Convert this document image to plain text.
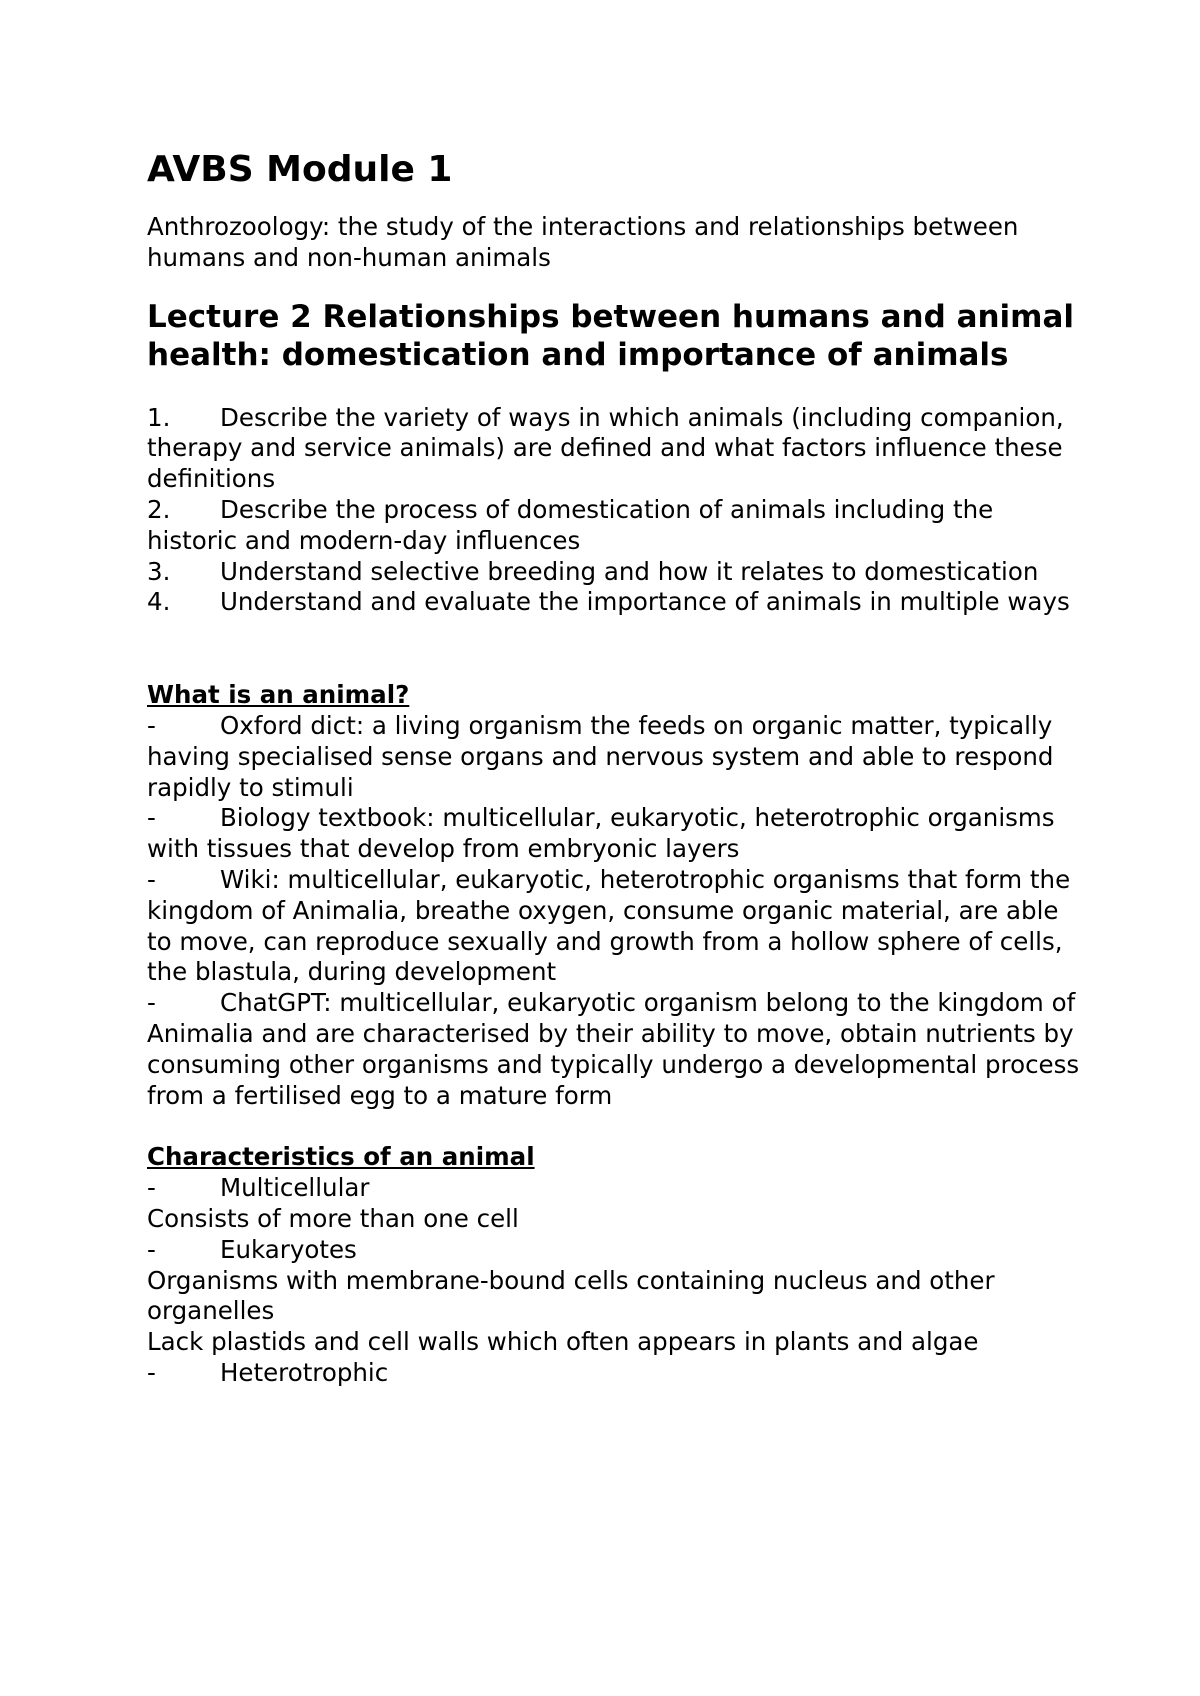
AVBS Module 1

Anthrozoology: the study of the interactions and relationships between humans and non-human animals

Lecture 2 Relationships between humans and animal health: domestication and importance of animals
1. Describe the variety of ways in which animals (including companion, therapy and service animals) are defined and what factors influence these definitions
2. Describe the process of domestication of animals including the historic and modern-day influences
3. Understand selective breeding and how it relates to domestication
4. Understand and evaluate the importance of animals in multiple ways
What is an animal?
-	Oxford dict: a living organism the feeds on organic matter, typically having specialised sense organs and nervous system and able to respond rapidly to stimuli
-	Biology textbook: multicellular, eukaryotic, heterotrophic organisms with tissues that develop from embryonic layers
-	Wiki: multicellular, eukaryotic, heterotrophic organisms that form the kingdom of Animalia, breathe oxygen, consume organic material, are able to move, can reproduce sexually and growth from a hollow sphere of cells, the blastula, during development
-	ChatGPT: multicellular, eukaryotic organism belong to the kingdom of Animalia and are characterised by their ability to move, obtain nutrients by consuming other organisms and typically undergo a developmental process from a fertilised egg to a mature form
Characteristics of an animal
-	Multicellular
Consists of more than one cell
-	Eukaryotes
Organisms with membrane-bound cells containing nucleus and other organelles
Lack plastids and cell walls which often appears in plants and algae
-	Heterotrophic
